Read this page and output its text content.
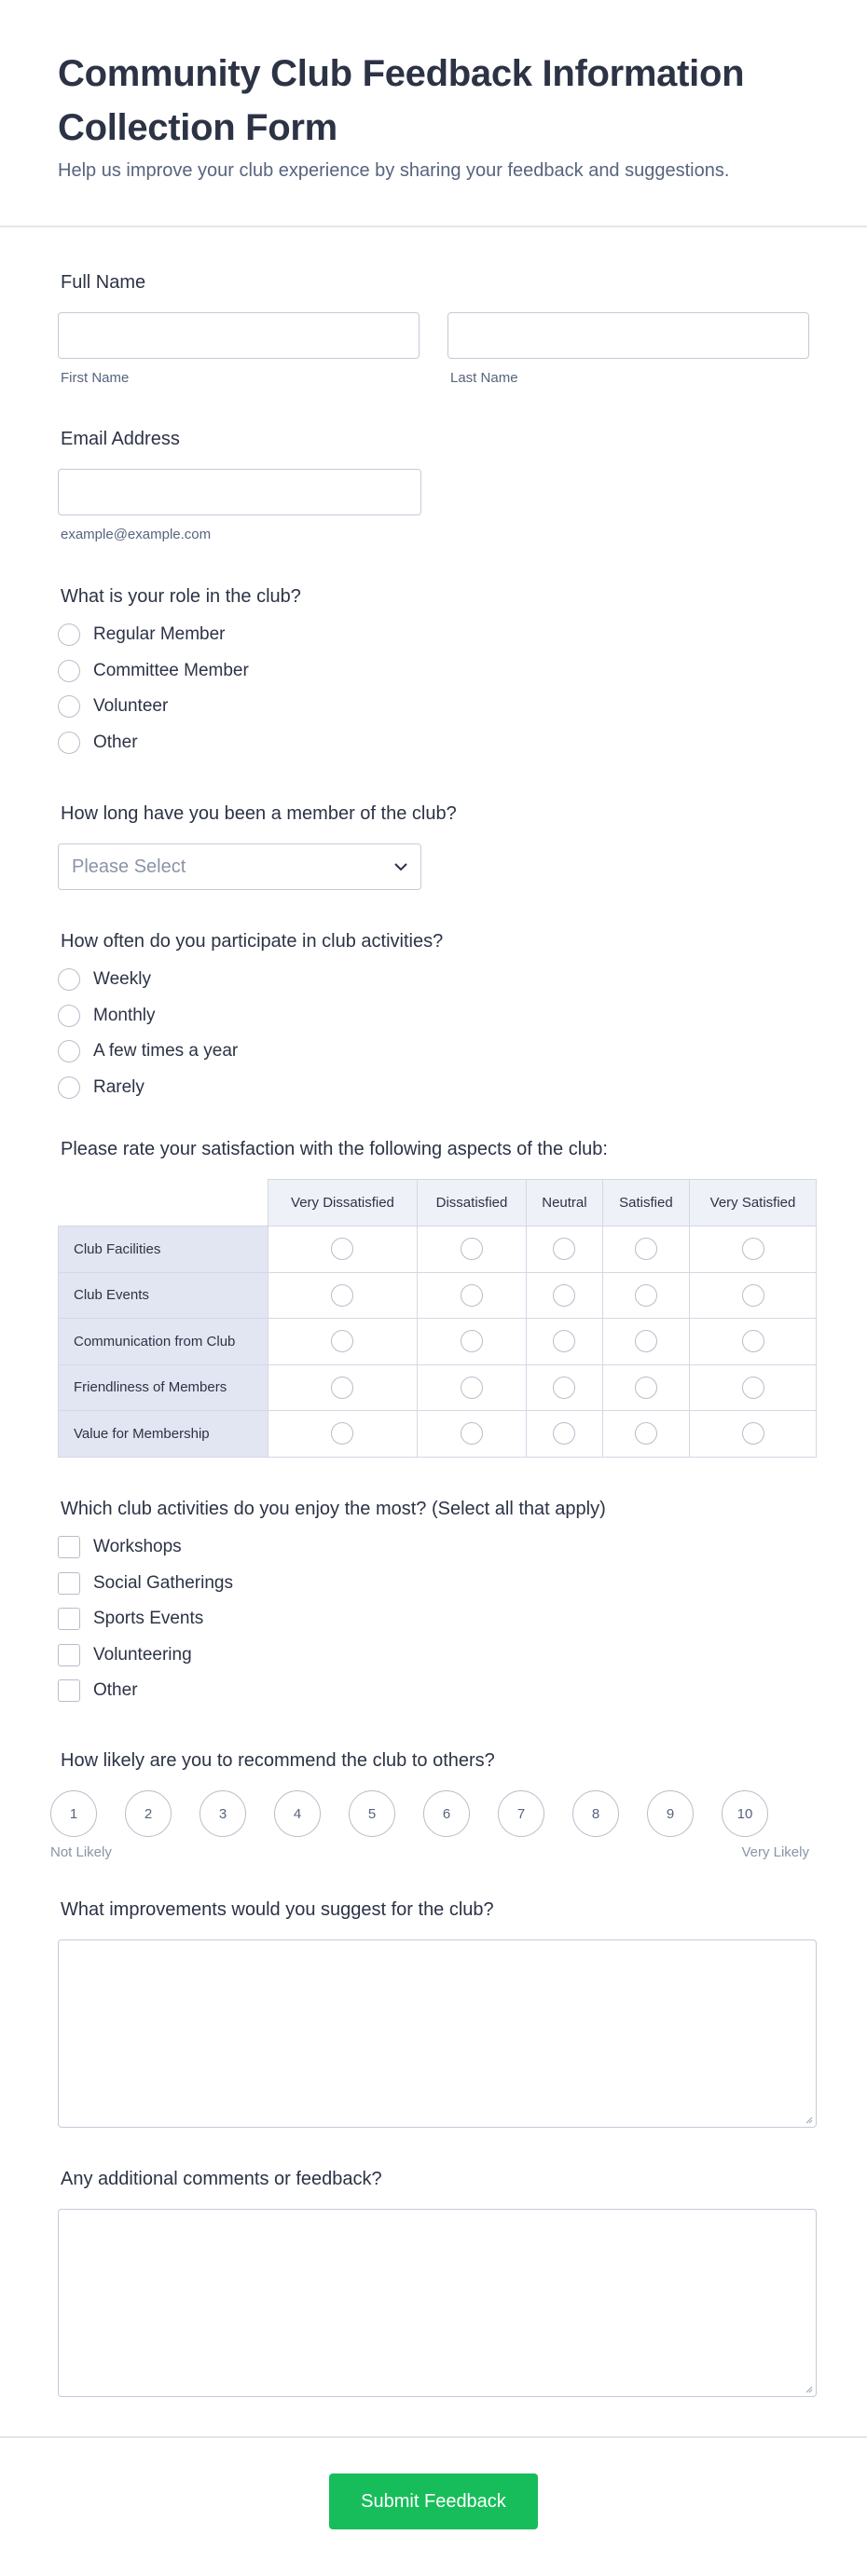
Community Club Feedback Information Collection Form

Help us improve your club experience by sharing your feedback and suggestions.

Full Name
First Name	Last Name
Email Address
example@example.com
What is your role in the club?
Regular Member
Committee Member
Volunteer
Other
How long have you been a member of the club?
Please Select
How often do you participate in club activities?
Weekly
Monthly
A few times a year
Rarely
Please rate your satisfaction with the following aspects of the club:
	Very Dissatisfied	Dissatisfied	Neutral	Satisfied	Very Satisfied
Club Facilities					
Club Events					
Communication from Club					
Friendliness of Members					
Value for Membership					
Which club activities do you enjoy the most? (Select all that apply)
Workshops
Social Gatherings
Sports Events
Volunteering
Other
How likely are you to recommend the club to others?
1	2	3	4	5	6	7	8	9	10
Not Likely	Very Likely
What improvements would you suggest for the club?
Any additional comments or feedback?
Submit Feedback
